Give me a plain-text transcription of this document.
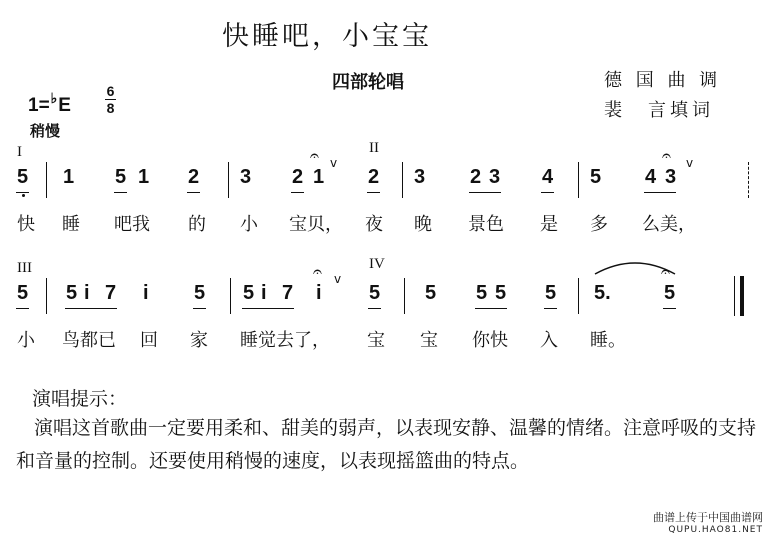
快睡吧，小宝宝
四部轮唱	德 国 曲 调
裴　言填词
1=♭E
6
8
稍慢
I	II
III	IV
5 1 5 1 2 3 2 1
𝄐 v
2 3 2 3 4 5 4 3
𝄐 v
快 睡 吧我 的 小 宝贝， 夜 晚 景色 是 多 么美，
5 5 i 7 i 5 5 i 7 i
𝄐 v
5 5 5 5 5 5.	5
𝄐
小 鸟都已 回 家 睡觉去了， 宝 宝 你快 入 睡。
演唱提示：
演唱这首歌曲一定要用柔和、甜美的弱声，以表现安静、温馨的情绪。注意呼吸的支持和音量的控制。还要使用稍慢的速度，以表现摇篮曲的特点。
曲谱上传于中国曲谱网
QUPU.HAO81.NET
